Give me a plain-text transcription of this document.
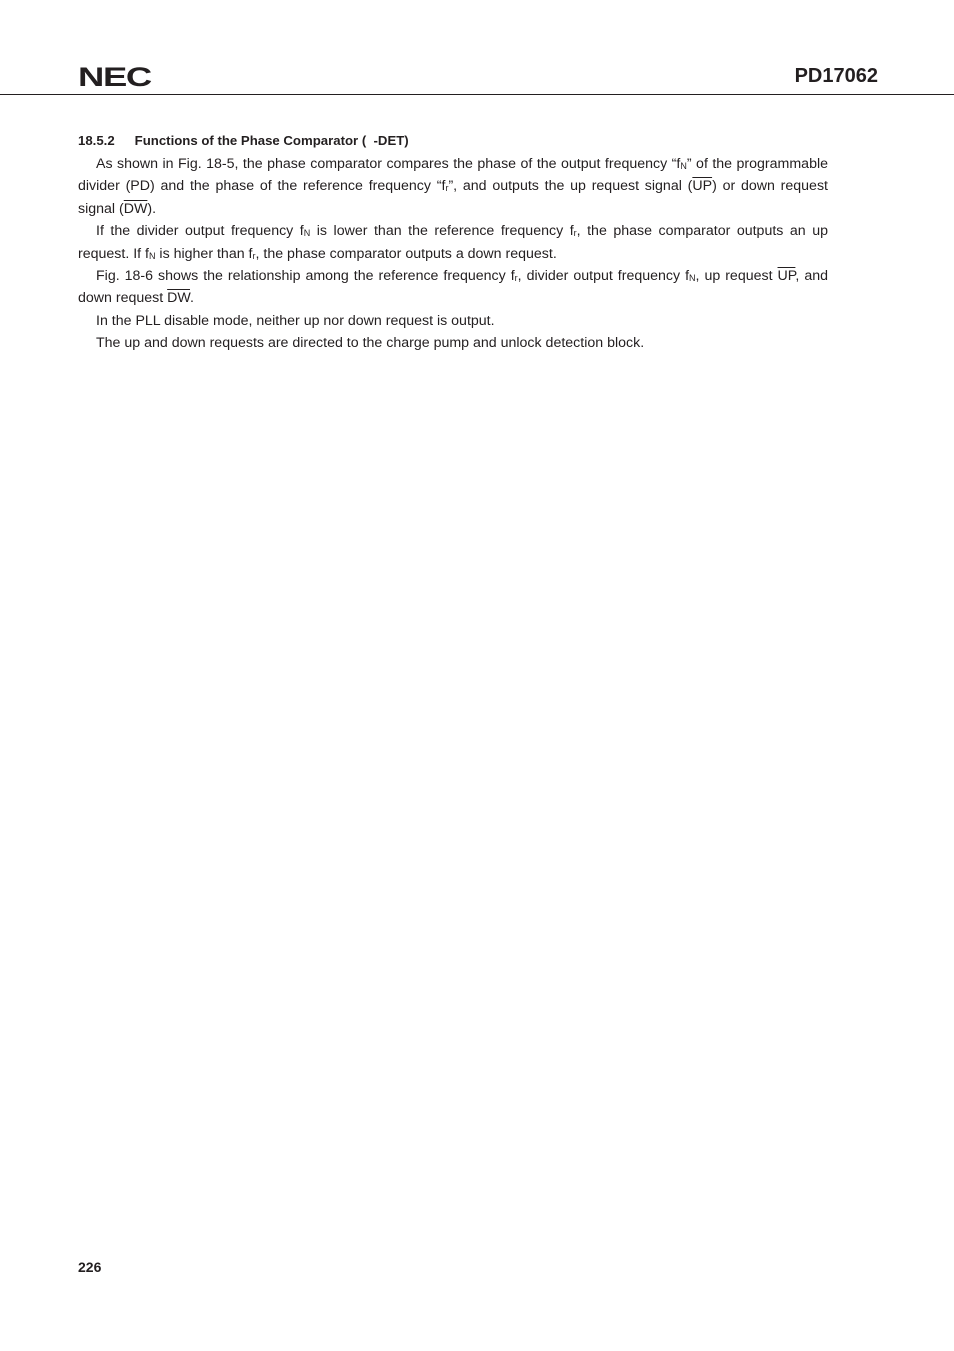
NEC	PD17062
18.5.2 Functions of the Phase Comparator (  -DET)

As shown in Fig. 18-5, the phase comparator compares the phase of the output frequency “$f_N$” of the programmable divider (PD) and the phase of the reference frequency “$f_r$”, and outputs the up request signal $(\overline{UP})$ or down request signal $(\overline{DW})$.

If the divider output frequency $f_N$ is lower than the reference frequency $f_r$, the phase comparator outputs an up request. If $f_N$ is higher than $f_r$, the phase comparator outputs a down request.

Fig. 18-6 shows the relationship among the reference frequency $f_r$, divider output frequency $f_N$, up request $\overline{UP}$, and down request $\overline{DW}$.

In the PLL disable mode, neither up nor down request is output.

The up and down requests are directed to the charge pump and unlock detection block.

226
